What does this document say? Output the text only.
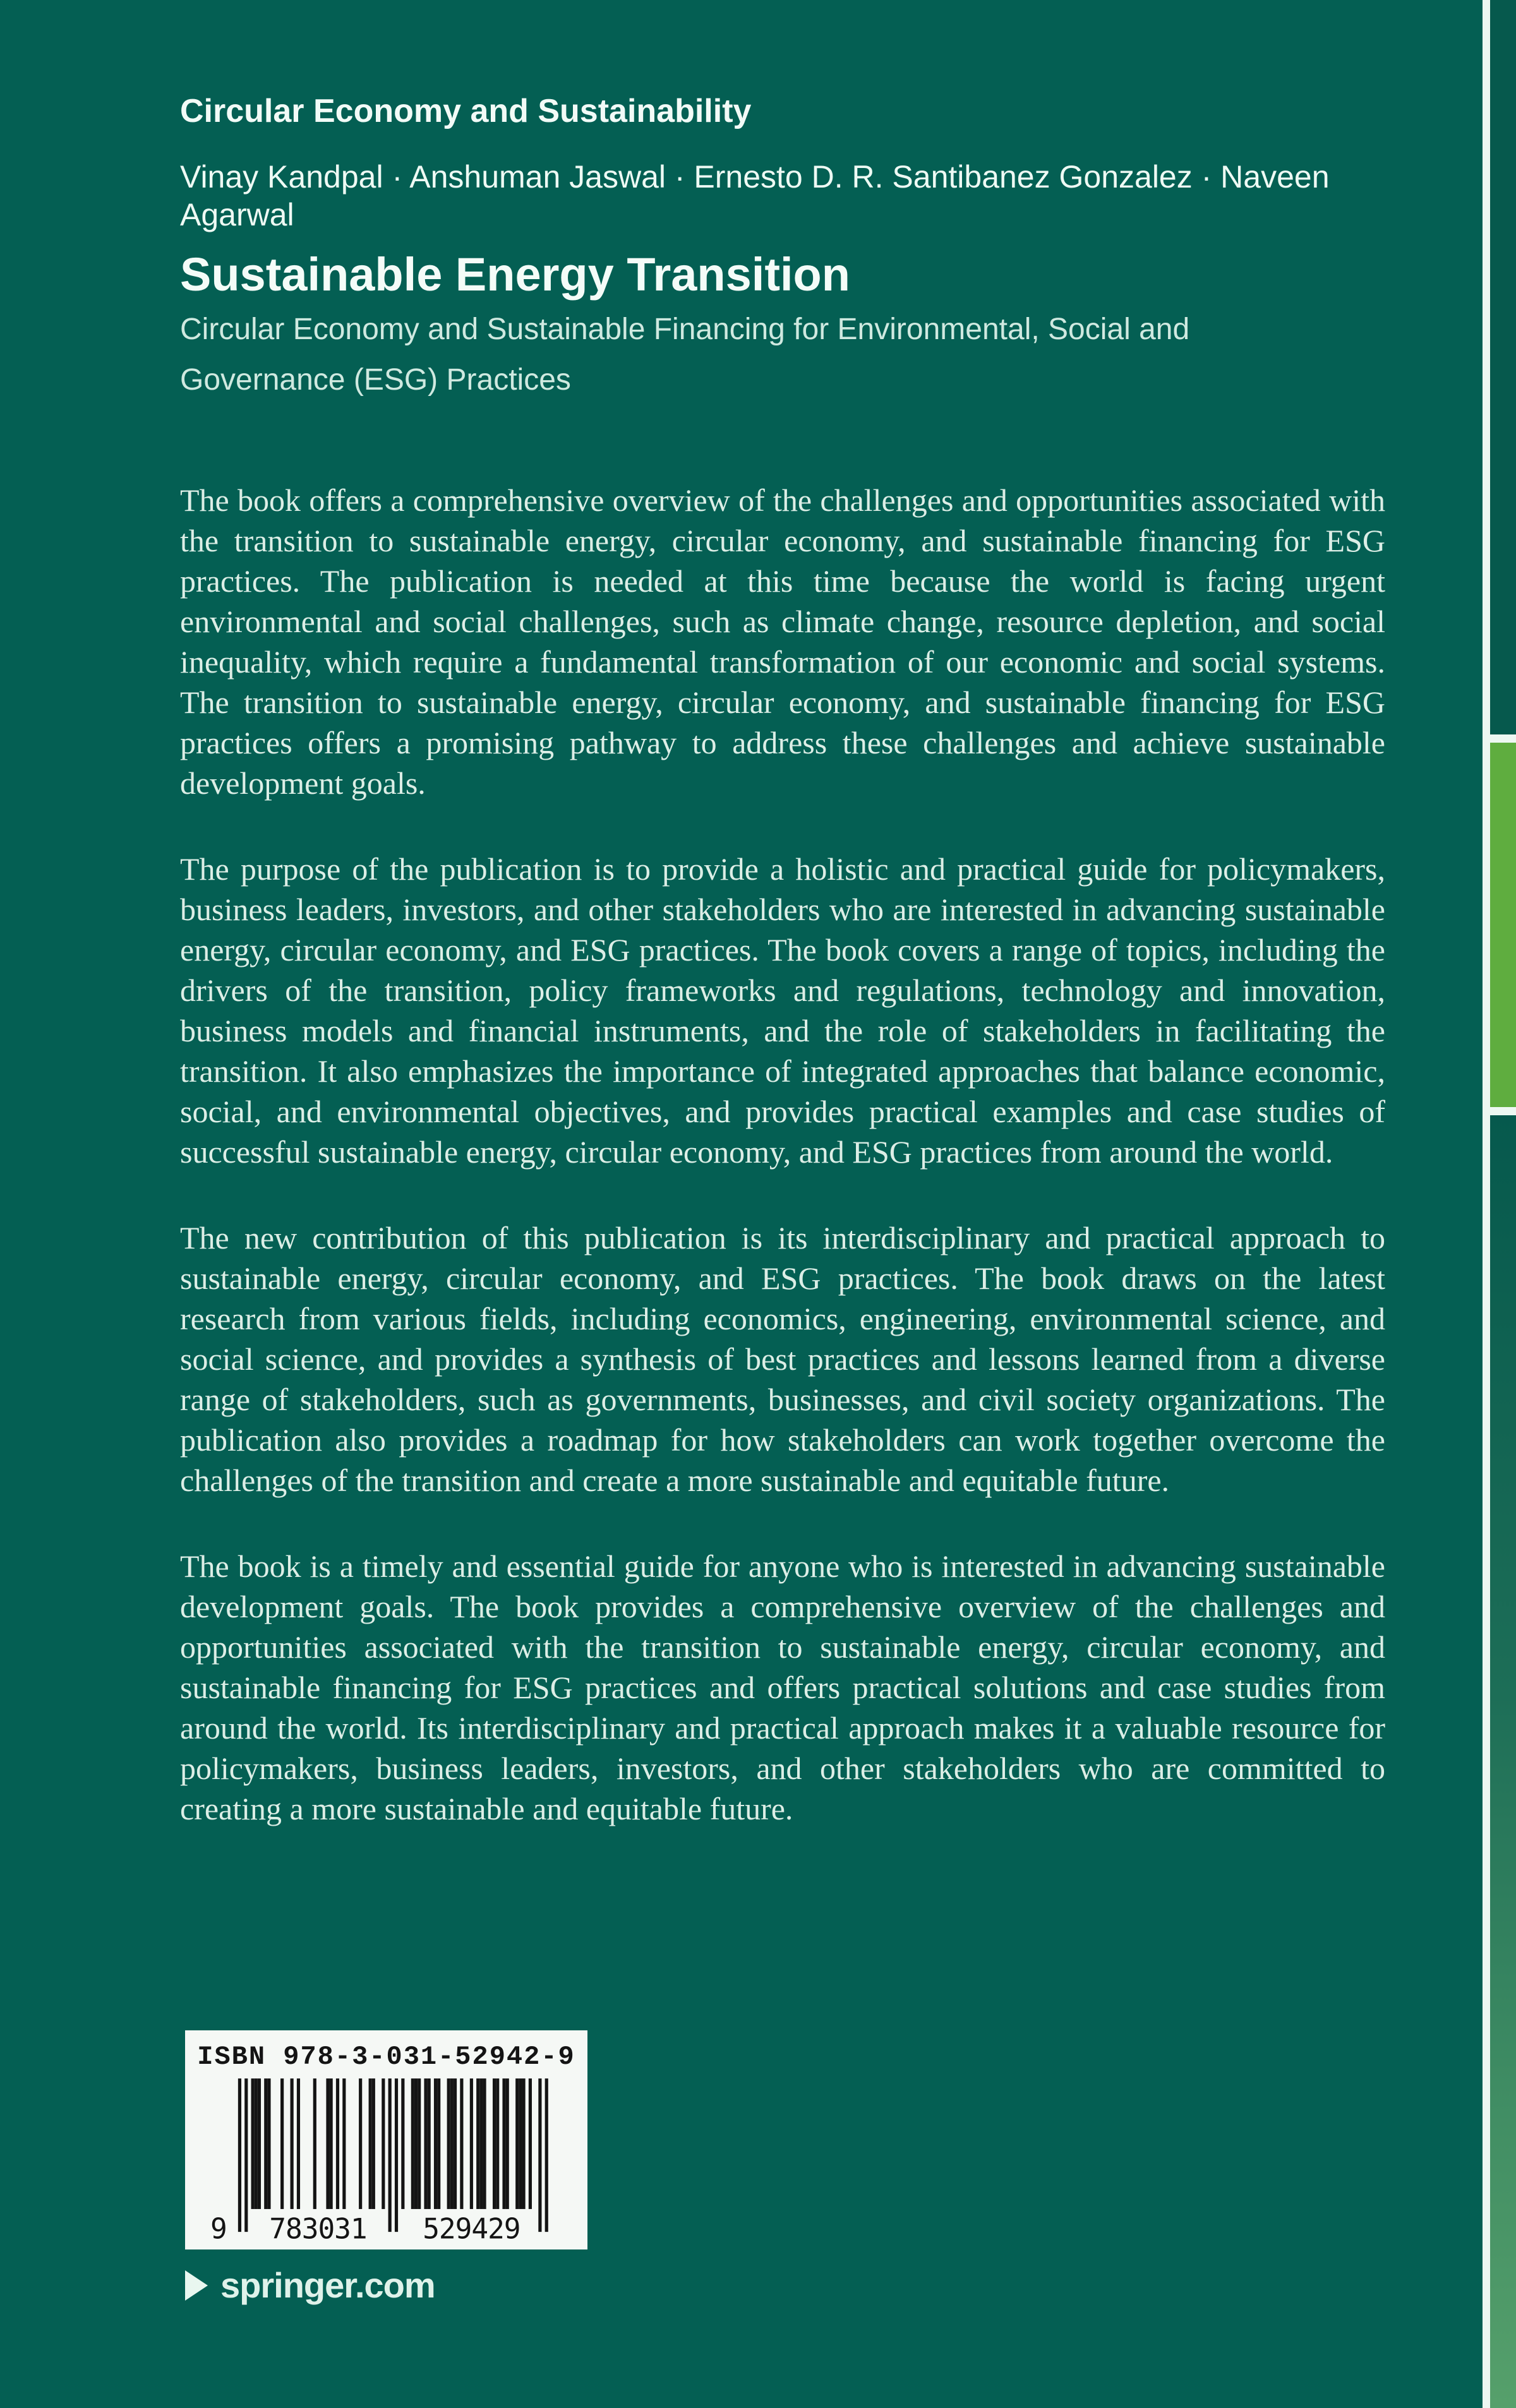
Circular Economy and Sustainability
Vinay Kandpal · Anshuman Jaswal · Ernesto D. R. Santibanez Gonzalez · Naveen Agarwal
Sustainable Energy Transition
Circular Economy and Sustainable Financing for Environmental, Social and Governance (ESG) Practices

The book offers a comprehensive overview of the challenges and opportunities associated with the transition to sustainable energy, circular economy, and sustainable financing for ESG practices. The publication is needed at this time because the world is facing urgent environmental and social challenges, such as climate change, resource depletion, and social inequality, which require a fundamental transformation of our economic and social systems. The transition to sustainable energy, circular economy, and sustainable financing for ESG practices offers a promising pathway to address these challenges and achieve sustainable development goals.

The purpose of the publication is to provide a holistic and practical guide for policymakers, business leaders, investors, and other stakeholders who are interested in advancing sustainable energy, circular economy, and ESG practices. The book covers a range of topics, including the drivers of the transition, policy frameworks and regulations, technology and innovation, business models and financial instruments, and the role of stakeholders in facilitating the transition. It also emphasizes the importance of integrated approaches that balance economic, social, and environmental objectives, and provides practical examples and case studies of successful sustainable energy, circular economy, and ESG practices from around the world.

The new contribution of this publication is its interdisciplinary and practical approach to sustainable energy, circular economy, and ESG practices. The book draws on the latest research from various fields, including economics, engineering, environmental science, and social science, and provides a synthesis of best practices and lessons learned from a diverse range of stakeholders, such as governments, businesses, and civil society organizations. The publication also provides a roadmap for how stakeholders can work together overcome the challenges of the transition and create a more sustainable and equitable future.

The book is a timely and essential guide for anyone who is interested in advancing sustainable development goals. The book provides a comprehensive overview of the challenges and opportunities associated with the transition to sustainable energy, circular economy, and sustainable financing for ESG practices and offers practical solutions and case studies from around the world. Its interdisciplinary and practical approach makes it a valuable resource for policymakers, business leaders, investors, and other stakeholders who are committed to creating a more sustainable and equitable future.

ISBN 978-3-031-52942-9
9	783031	529429
springer.com
